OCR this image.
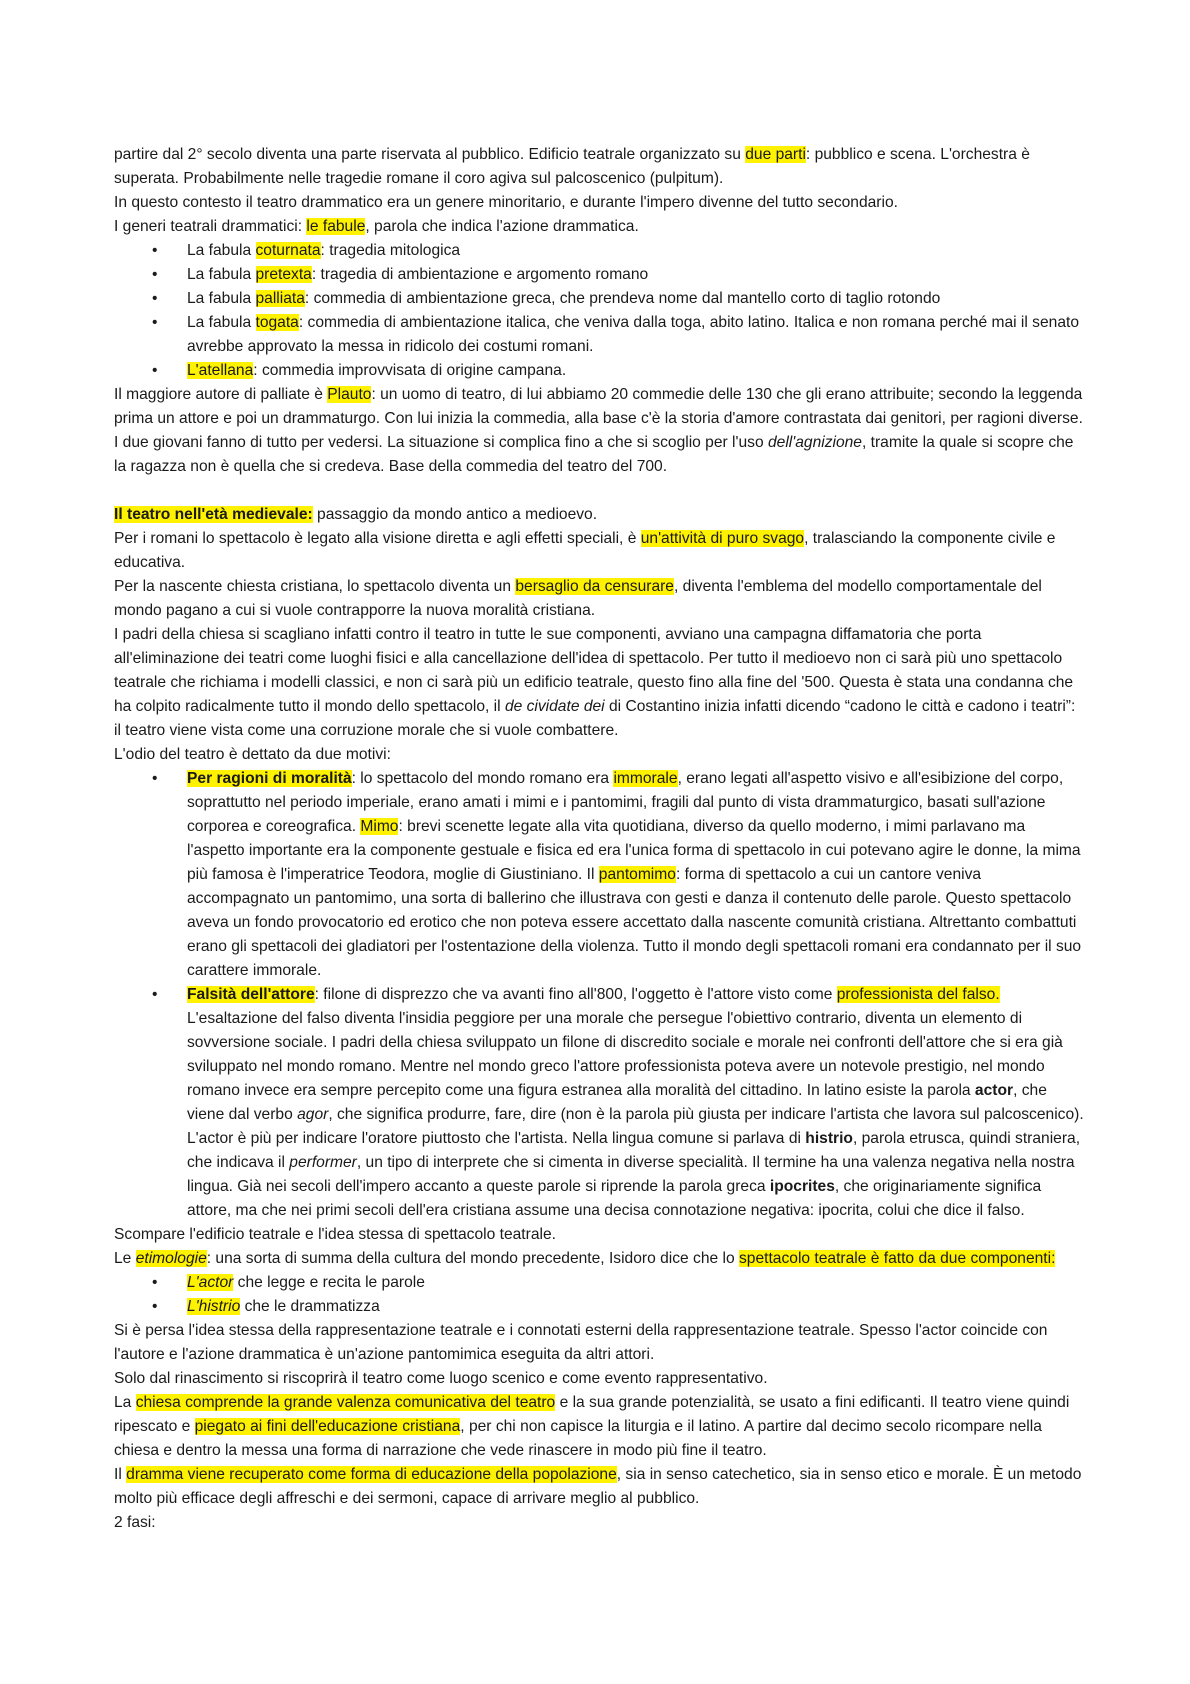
partire dal 2° secolo diventa una parte riservata al pubblico. Edificio teatrale organizzato su due parti: pubblico e scena. L'orchestra è superata. Probabilmente nelle tragedie romane il coro agiva sul palcoscenico (pulpitum).

In questo contesto il teatro drammatico era un genere minoritario, e durante l'impero divenne del tutto secondario.

I generi teatrali drammatici: le fabule, parola che indica l'azione drammatica.

• La fabula coturnata: tragedia mitologica
• La fabula pretexta: tragedia di ambientazione e argomento romano
• La fabula palliata: commedia di ambientazione greca, che prendeva nome dal mantello corto di taglio rotondo
• La fabula togata: commedia di ambientazione italica, che veniva dalla toga, abito latino. Italica e non romana perché mai il senato avrebbe approvato la messa in ridicolo dei costumi romani.
• L'atellana: commedia improvvisata di origine campana.

Il maggiore autore di palliate è Plauto: un uomo di teatro, di lui abbiamo 20 commedie delle 130 che gli erano attribuite; secondo la leggenda prima un attore e poi un drammaturgo. Con lui inizia la commedia, alla base c'è la storia d'amore contrastata dai genitori, per ragioni diverse. I due giovani fanno di tutto per vedersi. La situazione si complica fino a che si scoglio per l'uso dell'agnizione, tramite la quale si scopre che la ragazza non è quella che si credeva. Base della commedia del teatro del 700.

Il teatro nell'età medievale: passaggio da mondo antico a medioevo.

Per i romani lo spettacolo è legato alla visione diretta e agli effetti speciali, è un'attività di puro svago, tralasciando la componente civile e educativa.

Per la nascente chiesta cristiana, lo spettacolo diventa un bersaglio da censurare, diventa l'emblema del modello comportamentale del mondo pagano a cui si vuole contrapporre la nuova moralità cristiana.

I padri della chiesa si scagliano infatti contro il teatro in tutte le sue componenti, avviano una campagna diffamatoria che porta all'eliminazione dei teatri come luoghi fisici e alla cancellazione dell'idea di spettacolo. Per tutto il medioevo non ci sarà più uno spettacolo teatrale che richiama i modelli classici, e non ci sarà più un edificio teatrale, questo fino alla fine del '500. Questa è stata una condanna che ha colpito radicalmente tutto il mondo dello spettacolo, il de cividate dei di Costantino inizia infatti dicendo “cadono le città e cadono i teatri”: il teatro viene vista come una corruzione morale che si vuole combattere.

L'odio del teatro è dettato da due motivi:

• Per ragioni di moralità: lo spettacolo del mondo romano era immorale, erano legati all'aspetto visivo e all'esibizione del corpo, soprattutto nel periodo imperiale, erano amati i mimi e i pantomimi, fragili dal punto di vista drammaturgico, basati sull'azione corporea e coreografica. Mimo: brevi scenette legate alla vita quotidiana, diverso da quello moderno, i mimi parlavano ma l'aspetto importante era la componente gestuale e fisica ed era l'unica forma di spettacolo in cui potevano agire le donne, la mima più famosa è l'imperatrice Teodora, moglie di Giustiniano. Il pantomimo: forma di spettacolo a cui un cantore veniva accompagnato un pantomimo, una sorta di ballerino che illustrava con gesti e danza il contenuto delle parole. Questo spettacolo aveva un fondo provocatorio ed erotico che non poteva essere accettato dalla nascente comunità cristiana. Altrettanto combattuti erano gli spettacoli dei gladiatori per l'ostentazione della violenza. Tutto il mondo degli spettacoli romani era condannato per il suo carattere immorale.
• Falsità dell'attore: filone di disprezzo che va avanti fino all'800, l'oggetto è l'attore visto come professionista del falso. L'esaltazione del falso diventa l'insidia peggiore per una morale che persegue l'obiettivo contrario, diventa un elemento di sovversione sociale. I padri della chiesa sviluppato un filone di discredito sociale e morale nei confronti dell'attore che si era già sviluppato nel mondo romano. Mentre nel mondo greco l'attore professionista poteva avere un notevole prestigio, nel mondo romano invece era sempre percepito come una figura estranea alla moralità del cittadino. In latino esiste la parola actor, che viene dal verbo agor, che significa produrre, fare, dire (non è la parola più giusta per indicare l'artista che lavora sul palcoscenico). L'actor è più per indicare l'oratore piuttosto che l'artista. Nella lingua comune si parlava di histrio, parola etrusca, quindi straniera, che indicava il performer, un tipo di interprete che si cimenta in diverse specialità. Il termine ha una valenza negativa nella nostra lingua. Già nei secoli dell'impero accanto a queste parole si riprende la parola greca ipocrites, che originariamente significa attore, ma che nei primi secoli dell'era cristiana assume una decisa connotazione negativa: ipocrita, colui che dice il falso.

Scompare l'edificio teatrale e l'idea stessa di spettacolo teatrale.

Le etimologie: una sorta di summa della cultura del mondo precedente, Isidoro dice che lo spettacolo teatrale è fatto da due componenti:

• L'actor che legge e recita le parole
• L'histrio che le drammatizza

Si è persa l'idea stessa della rappresentazione teatrale e i connotati esterni della rappresentazione teatrale. Spesso l'actor coincide con l'autore e l'azione drammatica è un'azione pantomimica eseguita da altri attori.

Solo dal rinascimento si riscoprirà il teatro come luogo scenico e come evento rappresentativo.

La chiesa comprende la grande valenza comunicativa del teatro e la sua grande potenzialità, se usato a fini edificanti. Il teatro viene quindi ripescato e piegato ai fini dell'educazione cristiana, per chi non capisce la liturgia e il latino. A partire dal decimo secolo ricompare nella chiesa e dentro la messa una forma di narrazione che vede rinascere in modo più fine il teatro.

Il dramma viene recuperato come forma di educazione della popolazione, sia in senso catechetico, sia in senso etico e morale. È un metodo molto più efficace degli affreschi e dei sermoni, capace di arrivare meglio al pubblico.

2 fasi:
